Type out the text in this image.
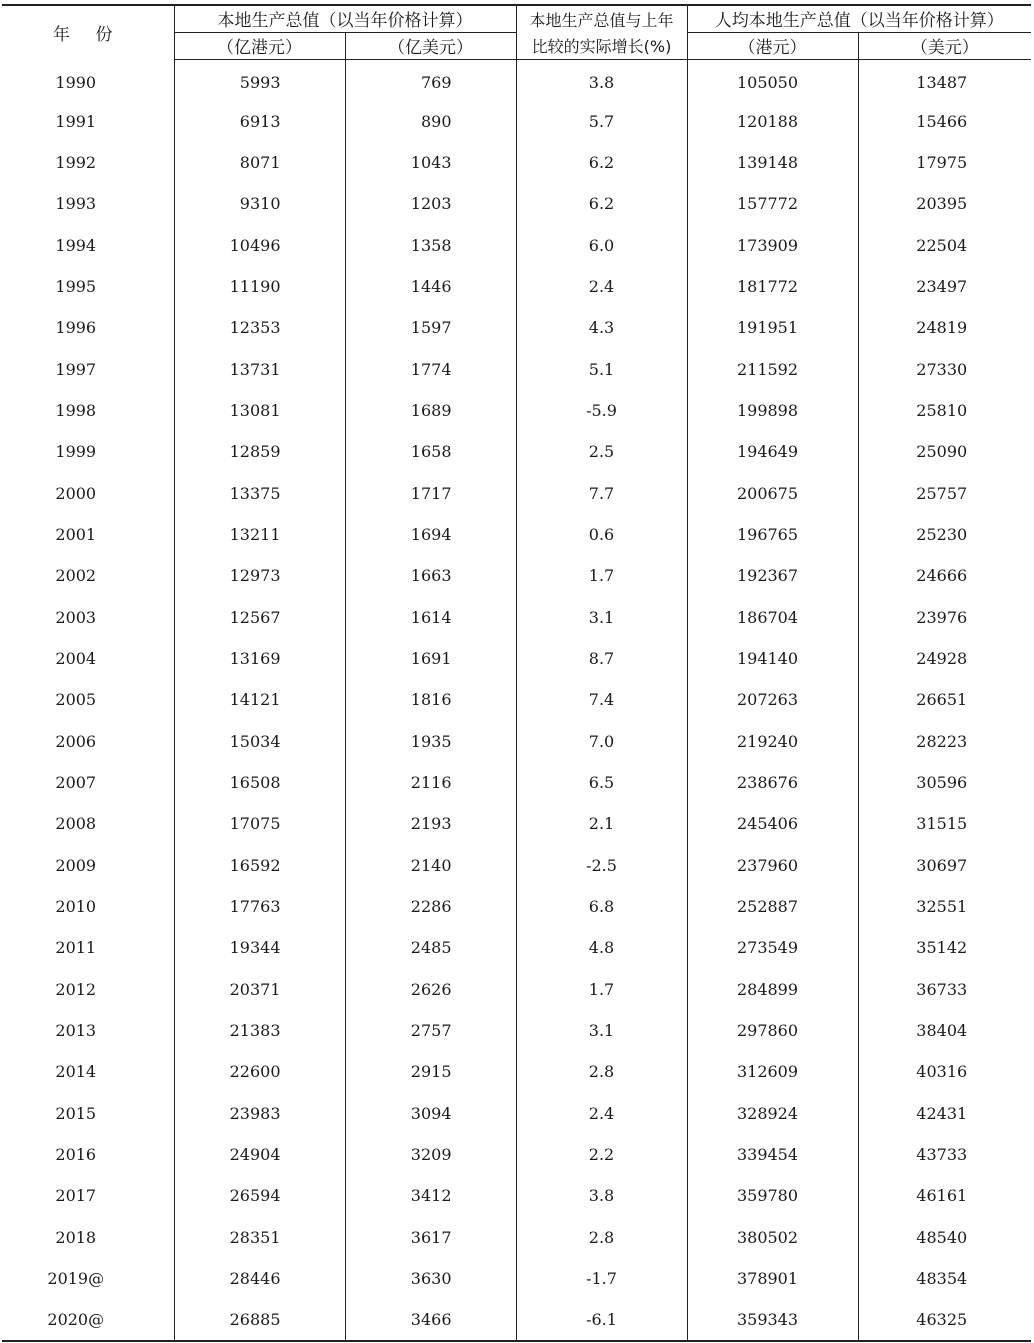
年 份	本地生产总值（以当年价格计算）		本地生产总值与上年	人均本地生产总值（以当年价格计算）	
	（亿港元）	（亿美元）	比较的实际增长(%)	（港元）	（美元）
1990	5993	769	3.8	105050	13487
1991	6913	890	5.7	120188	15466
1992	8071	1043	6.2	139148	17975
1993	9310	1203	6.2	157772	20395
1994	10496	1358	6.0	173909	22504
1995	11190	1446	2.4	181772	23497
1996	12353	1597	4.3	191951	24819
1997	13731	1774	5.1	211592	27330
1998	13081	1689	-5.9	199898	25810
1999	12859	1658	2.5	194649	25090
2000	13375	1717	7.7	200675	25757
2001	13211	1694	0.6	196765	25230
2002	12973	1663	1.7	192367	24666
2003	12567	1614	3.1	186704	23976
2004	13169	1691	8.7	194140	24928
2005	14121	1816	7.4	207263	26651
2006	15034	1935	7.0	219240	28223
2007	16508	2116	6.5	238676	30596
2008	17075	2193	2.1	245406	31515
2009	16592	2140	-2.5	237960	30697
2010	17763	2286	6.8	252887	32551
2011	19344	2485	4.8	273549	35142
2012	20371	2626	1.7	284899	36733
2013	21383	2757	3.1	297860	38404
2014	22600	2915	2.8	312609	40316
2015	23983	3094	2.4	328924	42431
2016	24904	3209	2.2	339454	43733
2017	26594	3412	3.8	359780	46161
2018	28351	3617	2.8	380502	48540
2019@	28446	3630	-1.7	378901	48354
2020@	26885	3466	-6.1	359343	46325
